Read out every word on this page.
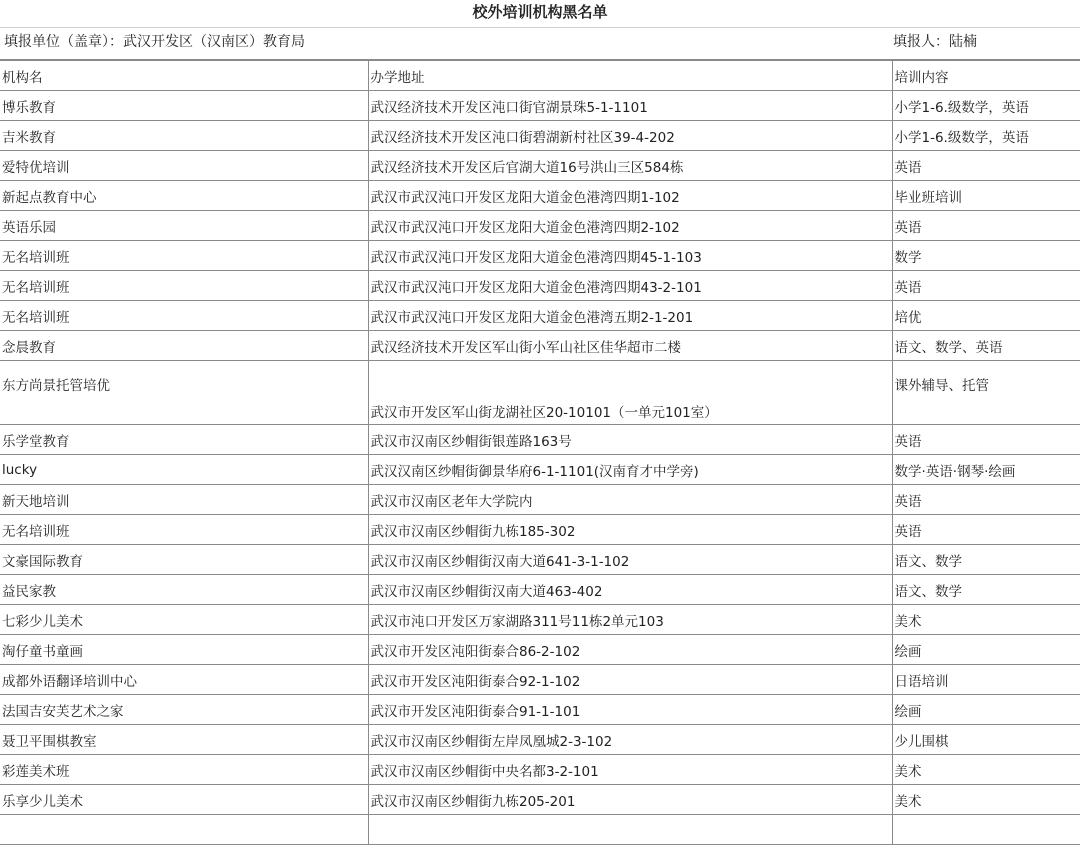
校外培训机构黑名单
填报单位（盖章）：武汉开发区（汉南区）教育局	填报人：陆楠
机构名	办学地址	培训内容
博乐教育	武汉经济技术开发区沌口街官湖景珠5-1-1101	小学1-6.级数学，英语
吉米教育	武汉经济技术开发区沌口街碧湖新村社区39-4-202	小学1-6.级数学，英语
爱特优培训	武汉经济技术开发区后官湖大道16号洪山三区584栋	英语
新起点教育中心	武汉市武汉沌口开发区龙阳大道金色港湾四期1-102	毕业班培训
英语乐园	武汉市武汉沌口开发区龙阳大道金色港湾四期2-102	英语
无名培训班	武汉市武汉沌口开发区龙阳大道金色港湾四期45-1-103	数学
无名培训班	武汉市武汉沌口开发区龙阳大道金色港湾四期43-2-101	英语
无名培训班	武汉市武汉沌口开发区龙阳大道金色港湾五期2-1-201	培优
念晨教育	武汉经济技术开发区军山街小军山社区佳华超市二楼	语文、数学、英语
东方尚景托管培优	武汉市开发区军山街龙湖社区20-10101（一单元101室）	课外辅导、托管
乐学堂教育	武汉市汉南区纱帽街银莲路163号	英语
lucky	武汉汉南区纱帽街御景华府6-1-1101(汉南育才中学旁)	数学·英语·钢琴·绘画
新天地培训	武汉市汉南区老年大学院内	英语
无名培训班	武汉市汉南区纱帽街九栋185-302	英语
文豪国际教育	武汉市汉南区纱帽街汉南大道641-3-1-102	语文、数学
益民家教	武汉市汉南区纱帽街汉南大道463-402	语文、数学
七彩少儿美术	武汉市沌口开发区万家湖路311号11栋2单元103	美术
淘仔童书童画	武汉市开发区沌阳街泰合86-2-102	绘画
成都外语翻译培训中心	武汉市开发区沌阳街泰合92-1-102	日语培训
法国吉安芙艺术之家	武汉市开发区沌阳街泰合91-1-101	绘画
聂卫平围棋教室	武汉市汉南区纱帽街左岸凤凰城2-3-102	少儿围棋
彩莲美术班	武汉市汉南区纱帽街中央名都3-2-101	美术
乐享少儿美术	武汉市汉南区纱帽街九栋205-201	美术
